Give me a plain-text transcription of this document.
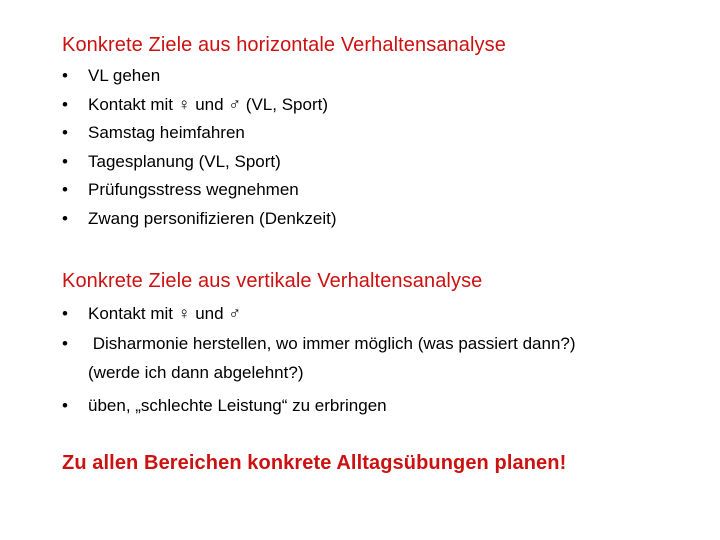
Konkrete Ziele aus horizontale Verhaltensanalyse
• VL gehen
• Kontakt mit ♀ und ♂ (VL, Sport)
• Samstag heimfahren
• Tagesplanung (VL, Sport)
• Prüfungsstress wegnehmen
• Zwang personifizieren (Denkzeit)
Konkrete Ziele aus vertikale Verhaltensanalyse
• Kontakt mit ♀ und ♂
• Disharmonie herstellen, wo immer möglich (was passiert dann?)
(werde ich dann abgelehnt?)
• üben, „schlechte Leistung“ zu erbringen
Zu allen Bereichen konkrete Alltagsübungen planen!
